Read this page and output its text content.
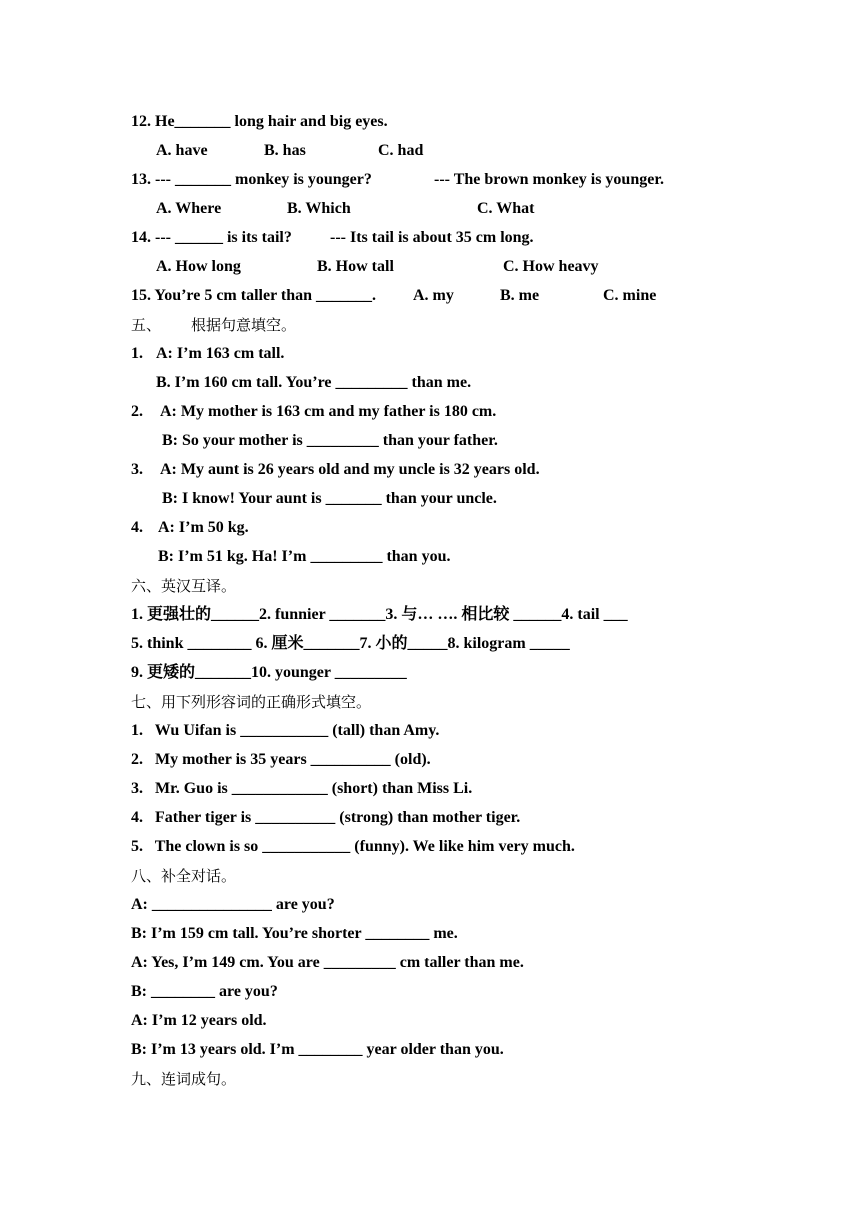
12. He_______ long hair and big eyes.
A. have	B. has	C. had
13. --- _______ monkey is younger?	--- The brown monkey is younger.
A. Where	B. Which	C. What
14. --- ______ is its tail? --- Its tail is about 35 cm long.
A. How long	B. How tall	C. How heavy
15. You’re 5 cm taller than _______. A. my	B. me	C. mine
五、 根据句意填空。
1. A: I’m 163 cm tall.
B. I’m 160 cm tall. You’re _________ than me.
2. A: My mother is 163 cm and my father is 180 cm.
B: So your mother is _________ than your father.
3. A: My aunt is 26 years old and my uncle is 32 years old.
B: I know! Your aunt is _______ than your uncle.
4. A: I’m 50 kg.
B: I’m 51 kg. Ha! I’m _________ than you.
六、英汉互译。
1. 更强壮的______2. funnier _______3. 与… …. 相比较 ______4. tail ___
5. think ________ 6. 厘米_______7. 小的_____8. kilogram _____
9. 更矮的_______10. younger _________
七、用下列形容词的正确形式填空。
1.   Wu Uifan is ___________ (tall) than Amy.
2.   My mother is 35 years __________ (old).
3.   Mr. Guo is ____________ (short) than Miss Li.
4.   Father tiger is __________ (strong) than mother tiger.
5.   The clown is so ___________ (funny). We like him very much.
八、补全对话。
A: _______________ are you?
B: I’m 159 cm tall. You’re shorter ________ me.
A: Yes, I’m 149 cm. You are _________ cm taller than me.
B: ________ are you?
A: I’m 12 years old.
B: I’m 13 years old. I’m ________ year older than you.
九、连词成句。
